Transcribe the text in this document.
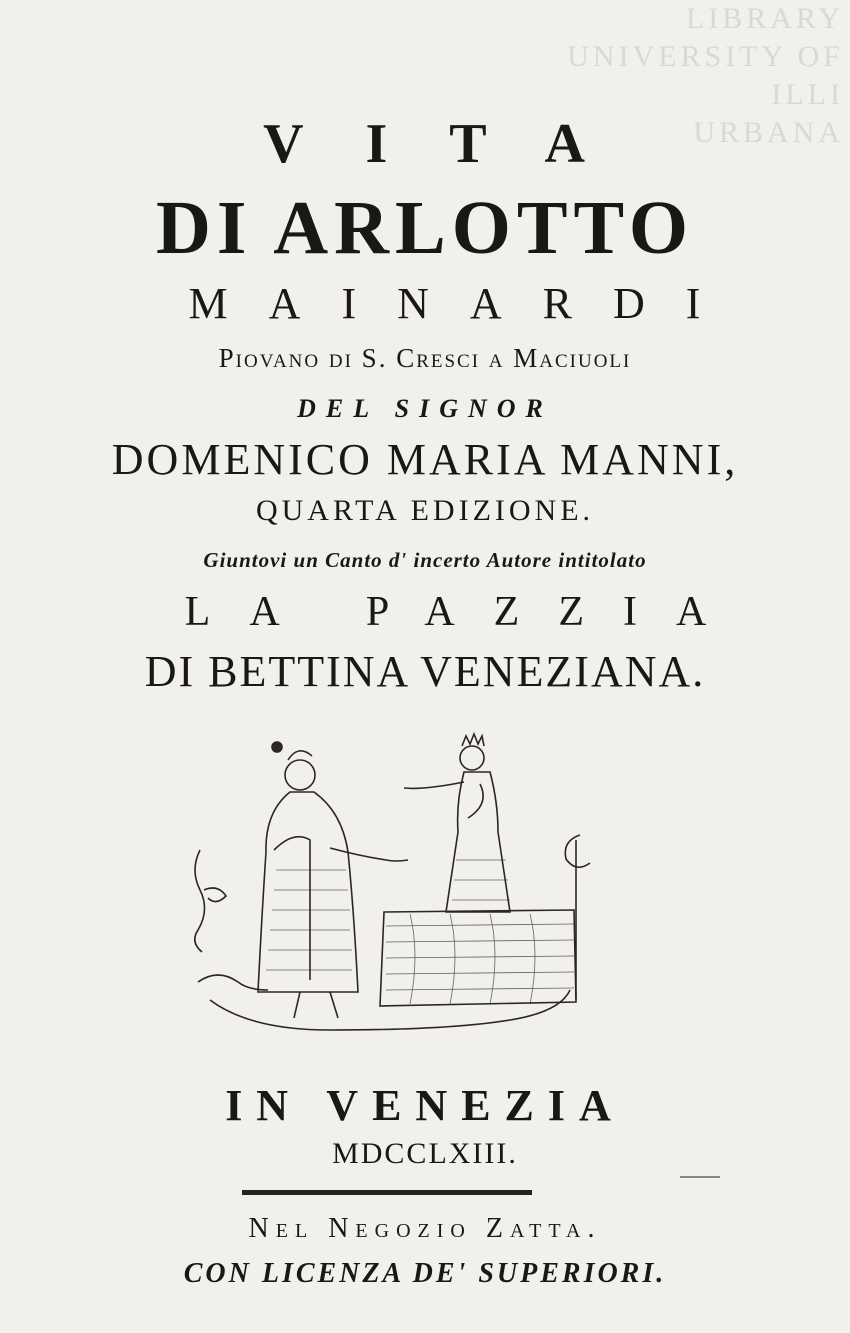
LIBRARY
UNIVERSITY OF ILLI
URBANA
VITA
DI ARLOTTO
MAINARDI
Piovano di S. Cresci a Maciuoli
DEL SIGNOR
DOMENICO MARIA MANNI,
QUARTA EDIZIONE.
Giuntovi un Canto d' incerto Autore intitolato
LA PAZZIA
DI BETTINA VENEZIANA.
IN VENEZIA
MDCCLXIII.
Nel Negozio Zatta.
CON LICENZA DE' SUPERIORI.
